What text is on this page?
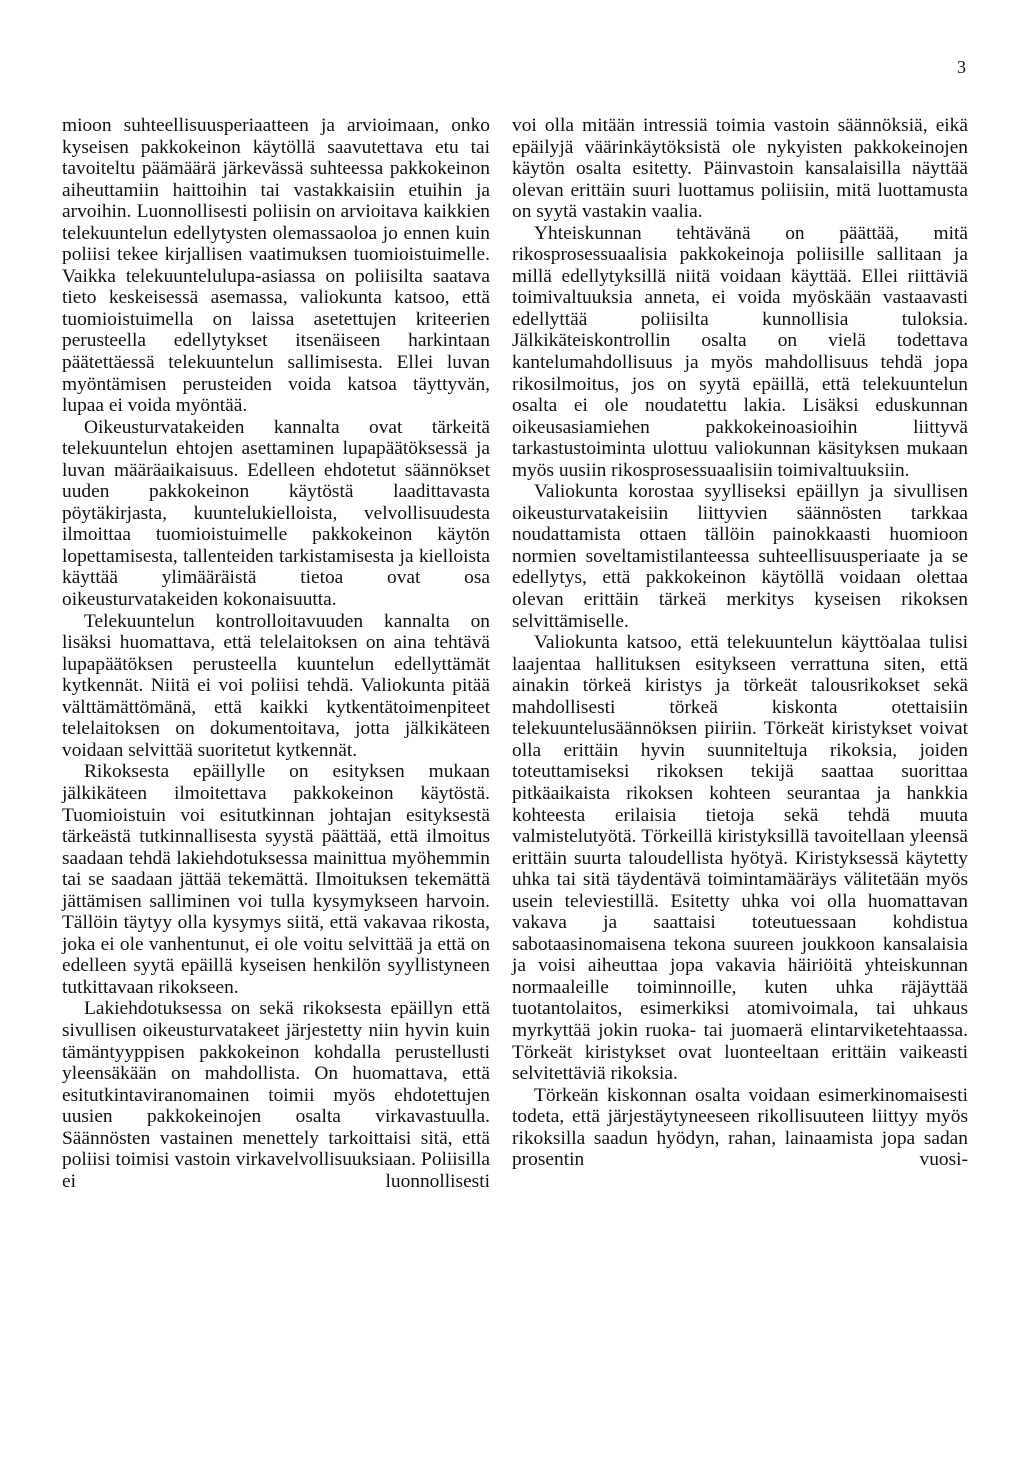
3

mioon suhteellisuusperiaatteen ja arvioimaan, onko kyseisen pakkokeinon käytöllä saavutettava etu tai tavoiteltu päämäärä järkevässä suhteessa pakkokeinon aiheuttamiin haittoihin tai vastakkaisiin etuihin ja arvoihin. Luonnollisesti poliisin on arvioitava kaikkien telekuuntelun edellytysten olemassaoloa jo ennen kuin poliisi tekee kirjallisen vaatimuksen tuomioistuimelle. Vaikka telekuuntelulupa-asiassa on poliisilta saatava tieto keskeisessä asemassa, valiokunta katsoo, että tuomioistuimella on laissa asetettujen kriteerien perusteella edellytykset itsenäiseen harkintaan päätettäessä telekuuntelun sallimisesta. Ellei luvan myöntämisen perusteiden voida katsoa täyttyvän, lupaa ei voida myöntää.

Oikeusturvatakeiden kannalta ovat tärkeitä telekuuntelun ehtojen asettaminen lupapäätöksessä ja luvan määräaikaisuus. Edelleen ehdotetut säännökset uuden pakkokeinon käytöstä laadittavasta pöytäkirjasta, kuuntelukielloista, velvollisuudesta ilmoittaa tuomioistuimelle pakkokeinon käytön lopettamisesta, tallenteiden tarkistamisesta ja kielloista käyttää ylimääräistä tietoa ovat osa oikeusturvatakeiden kokonaisuutta.

Telekuuntelun kontrolloitavuuden kannalta on lisäksi huomattava, että telelaitoksen on aina tehtävä lupapäätöksen perusteella kuuntelun edellyttämät kytkennät. Niitä ei voi poliisi tehdä. Valiokunta pitää välttämättömänä, että kaikki kytkentätoimenpiteet telelaitoksen on dokumentoitava, jotta jälkikäteen voidaan selvittää suoritetut kytkennät.

Rikoksesta epäillylle on esityksen mukaan jälkikäteen ilmoitettava pakkokeinon käytöstä. Tuomioistuin voi esitutkinnan johtajan esityksestä tärkeästä tutkinnallisesta syystä päättää, että ilmoitus saadaan tehdä lakiehdotuksessa mainittua myöhemmin tai se saadaan jättää tekemättä. Ilmoituksen tekemättä jättämisen salliminen voi tulla kysymykseen harvoin. Tällöin täytyy olla kysymys siitä, että vakavaa rikosta, joka ei ole vanhentunut, ei ole voitu selvittää ja että on edelleen syytä epäillä kyseisen henkilön syyllistyneen tutkittavaan rikokseen.

Lakiehdotuksessa on sekä rikoksesta epäillyn että sivullisen oikeusturvatakeet järjestetty niin hyvin kuin tämäntyyppisen pakkokeinon kohdalla perustellusti yleensäkään on mahdollista. On huomattava, että esitutkintaviranomainen toimii myös ehdotettujen uusien pakkokeinojen osalta virkavastuulla. Säännösten vastainen menettely tarkoittaisi sitä, että poliisi toimisi vastoin virkavelvollisuuksiaan. Poliisilla ei luonnollisesti

voi olla mitään intressiä toimia vastoin säännöksiä, eikä epäilyjä väärinkäytöksistä ole nykyisten pakkokeinojen käytön osalta esitetty. Päinvastoin kansalaisilla näyttää olevan erittäin suuri luottamus poliisiin, mitä luottamusta on syytä vastakin vaalia.

Yhteiskunnan tehtävänä on päättää, mitä rikosprosessuaalisia pakkokeinoja poliisille sallitaan ja millä edellytyksillä niitä voidaan käyttää. Ellei riittäviä toimivaltuuksia anneta, ei voida myöskään vastaavasti edellyttää poliisilta kunnollisia tuloksia. Jälkikäteiskontrollin osalta on vielä todettava kantelumahdollisuus ja myös mahdollisuus tehdä jopa rikosilmoitus, jos on syytä epäillä, että telekuuntelun osalta ei ole noudatettu lakia. Lisäksi eduskunnan oikeusasiamiehen pakkokeinoasioihin liittyvä tarkastustoiminta ulottuu valiokunnan käsityksen mukaan myös uusiin rikosprosessuaalisiin toimivaltuuksiin.

Valiokunta korostaa syylliseksi epäillyn ja sivullisen oikeusturvatakeisiin liittyvien säännösten tarkkaa noudattamista ottaen tällöin painokkaasti huomioon normien soveltamistilanteessa suhteellisuusperiaate ja se edellytys, että pakkokeinon käytöllä voidaan olettaa olevan erittäin tärkeä merkitys kyseisen rikoksen selvittämiselle.

Valiokunta katsoo, että telekuuntelun käyttöalaa tulisi laajentaa hallituksen esitykseen verrattuna siten, että ainakin törkeä kiristys ja törkeät talousrikokset sekä mahdollisesti törkeä kiskonta otettaisiin telekuuntelusäännöksen piiriin. Törkeät kiristykset voivat olla erittäin hyvin suunniteltuja rikoksia, joiden toteuttamiseksi rikoksen tekijä saattaa suorittaa pitkäaikaista rikoksen kohteen seurantaa ja hankkia kohteesta erilaisia tietoja sekä tehdä muuta valmistelutyötä. Törkeillä kiristyksillä tavoitellaan yleensä erittäin suurta taloudellista hyötyä. Kiristyksessä käytetty uhka tai sitä täydentävä toimintamääräys välitetään myös usein televiestillä. Esitetty uhka voi olla huomattavan vakava ja saattaisi toteutuessaan kohdistua sabotaasinomaisena tekona suureen joukkoon kansalaisia ja voisi aiheuttaa jopa vakavia häiriöitä yhteiskunnan normaaleille toiminnoille, kuten uhka räjäyttää tuotantolaitos, esimerkiksi atomivoimala, tai uhkaus myrkyttää jokin ruoka- tai juomaerä elintarviketehtaassa. Törkeät kiristykset ovat luonteeltaan erittäin vaikeasti selvitettäviä rikoksia.

Törkeän kiskonnan osalta voidaan esimerkinomaisesti todeta, että järjestäytyneeseen rikollisuuteen liittyy myös rikoksilla saadun hyödyn, rahan, lainaamista jopa sadan prosentin vuosi-
